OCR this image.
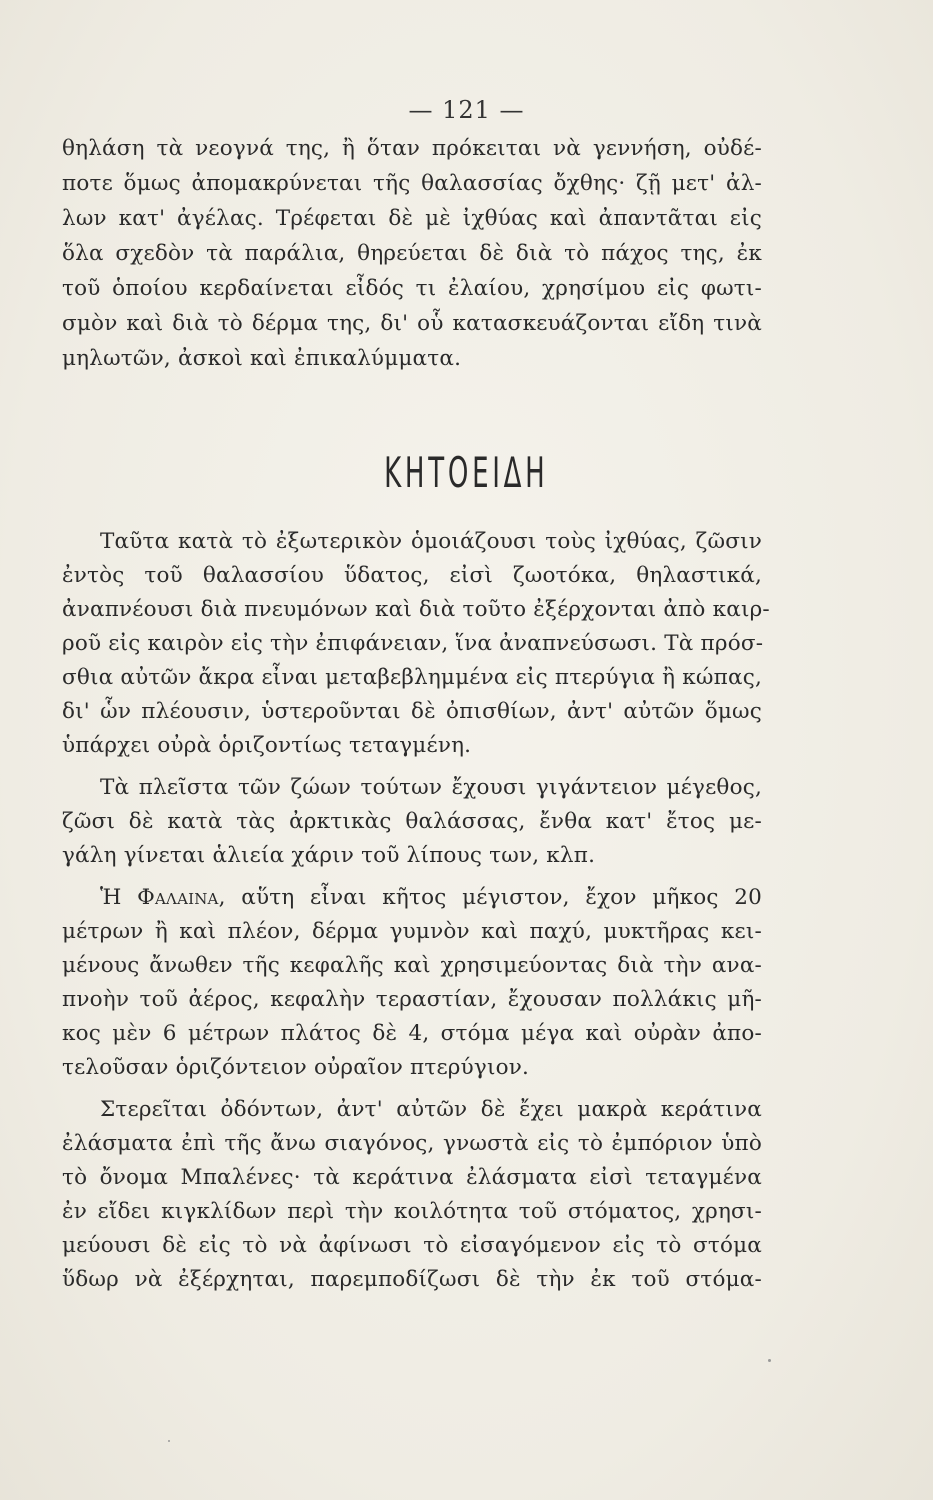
— 121 —
θηλάση τὰ νεογνά της, ἢ ὅταν πρόκειται νὰ γεννήση, οὐδέ-
ποτε ὅμως ἀπομακρύνεται τῆς θαλασσίας ὄχθης· ζῇ μετ' ἀλ-
λων κατ' ἀγέλας. Τρέφεται δὲ μὲ ἰχθύας καὶ ἀπαντᾶται εἰς
ὅλα σχεδὸν τὰ παράλια, θηρεύεται δὲ διὰ τὸ πάχος της, ἐκ
τοῦ ὁποίου κερδαίνεται εἶδός τι ἐλαίου, χρησίμου εἰς φωτι-
σμὸν καὶ διὰ τὸ δέρμα της, δι' οὗ κατασκευάζονται εἴδη τινὰ
μηλωτῶν, ἀσκοὶ καὶ ἐπικαλύμματα.
ΚΗΤΟΕΙΔΗ
Ταῦτα κατὰ τὸ ἐξωτερικὸν ὁμοιάζουσι τοὺς ἰχθύας, ζῶσιν
ἐντὸς τοῦ θαλασσίου ὕδατος, εἰσὶ ζωοτόκα, θηλαστικά,
ἀναπνέουσι διὰ πνευμόνων καὶ διὰ τοῦτο ἐξέρχονται ἀπὸ καιρ-
ροῦ εἰς καιρὸν εἰς τὴν ἐπιφάνειαν, ἵνα ἀναπνεύσωσι. Τὰ πρόσ-
σθια αὐτῶν ἄκρα εἶναι μεταβεβλημμένα εἰς πτερύγια ἢ κώπας,
δι' ὧν πλέουσιν, ὑστεροῦνται δὲ ὀπισθίων, ἀντ' αὐτῶν ὅμως
ὑπάρχει οὐρὰ ὁριζοντίως τεταγμένη.
Τὰ πλεῖστα τῶν ζώων τούτων ἔχουσι γιγάντειον μέγεθος,
ζῶσι δὲ κατὰ τὰς ἀρκτικὰς θαλάσσας, ἔνθα κατ' ἔτος με-
γάλη γίνεται ἁλιεία χάριν τοῦ λίπους των, κλπ.
Ἡ Φαλαινα, αὕτη εἶναι κῆτος μέγιστον, ἔχον μῆκος 20
μέτρων ἢ καὶ πλέον, δέρμα γυμνὸν καὶ παχύ, μυκτῆρας κει-
μένους ἄνωθεν τῆς κεφαλῆς καὶ χρησιμεύοντας διὰ τὴν ανα-
πνοὴν τοῦ ἀέρος, κεφαλὴν τεραστίαν, ἔχουσαν πολλάκις μῆ-
κος μὲν 6 μέτρων πλάτος δὲ 4, στόμα μέγα καὶ οὐρὰν ἀπο-
τελοῦσαν ὁριζόντειον οὐραῖον πτερύγιον.
Στερεῖται ὀδόντων, ἀντ' αὐτῶν δὲ ἔχει μακρὰ κεράτινα
ἐλάσματα ἐπὶ τῆς ἄνω σιαγόνος, γνωστὰ εἰς τὸ ἐμπόριον ὑπὸ
τὸ ὄνομα Μπαλένες· τὰ κεράτινα ἐλάσματα εἰσὶ τεταγμένα
ἐν εἴδει κιγκλίδων περὶ τὴν κοιλότητα τοῦ στόματος, χρησι-
μεύουσι δὲ εἰς τὸ νὰ ἀφίνωσι τὸ εἰσαγόμενον εἰς τὸ στόμα
ὕδωρ νὰ ἐξέρχηται, παρεμποδίζωσι δὲ τὴν ἐκ τοῦ στόμα-
